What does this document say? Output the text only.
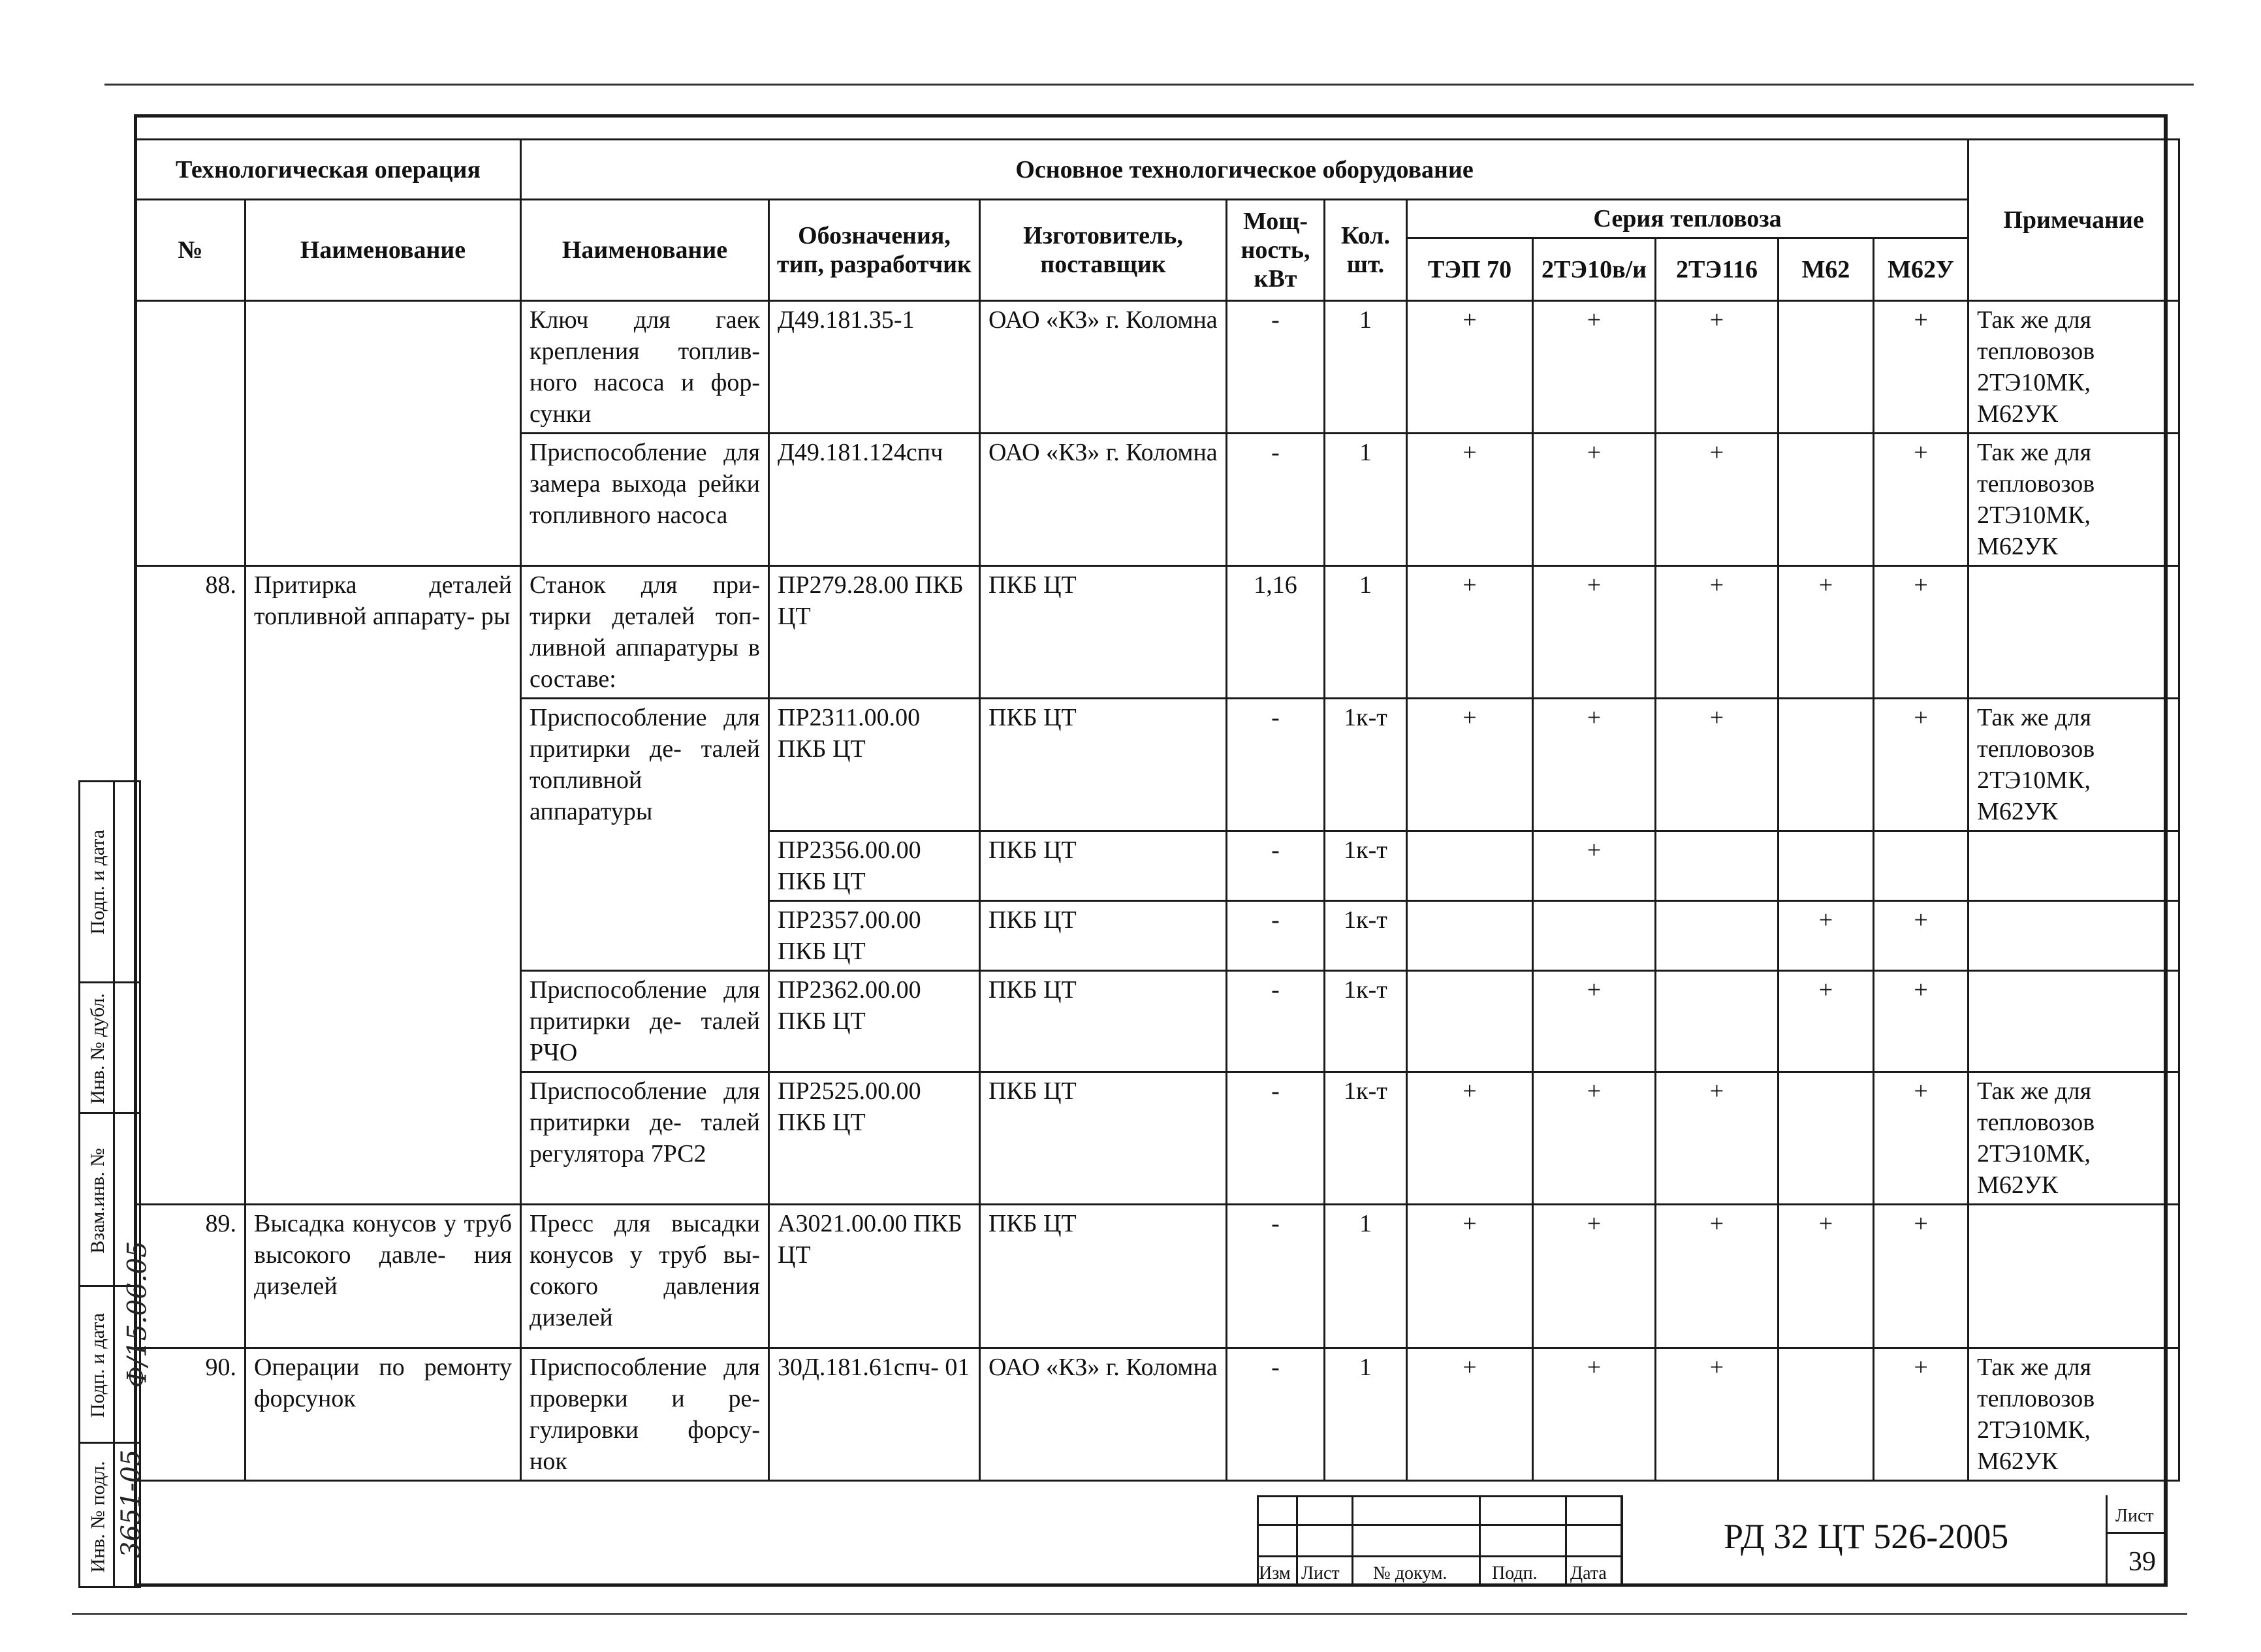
Технологическая операция		Основное технологическое оборудование										Примечание
№	Наименование	Наименование	Обозначения, тип, разработчик	Изготовитель, поставщик	Мощ- ность, кВт	Кол. шт.	Серия тепловоза					
							ТЭП 70	2ТЭ10в/и	2ТЭ116	М62	М62У	
		Ключ для гаек крепления топлив- ного насоса и фор- сунки	Д49.181.35-1	ОАО «КЗ» г. Коломна	-	1	+	+	+		+	Так же для тепловозов 2ТЭ10МК, М62УК
		Приспособление для замера выхода рейки топливного насоса	Д49.181.124спч	ОАО «КЗ» г. Коломна	-	1	+	+	+		+	Так же для тепловозов 2ТЭ10МК, М62УК
88.	Притирка деталей топливной аппарату- ры	Станок для при- тирки деталей топ- ливной аппаратуры в составе:	ПР279.28.00 ПКБ ЦТ	ПКБ ЦТ	1,16	1	+	+	+	+	+	
		Приспособление для притирки де- талей топливной аппаратуры	ПР2311.00.00 ПКБ ЦТ	ПКБ ЦТ	-	1к-т	+	+	+		+	Так же для тепловозов 2ТЭ10МК, М62УК
			ПР2356.00.00 ПКБ ЦТ	ПКБ ЦТ	-	1к-т		+				
			ПР2357.00.00 ПКБ ЦТ	ПКБ ЦТ	-	1к-т				+	+	
		Приспособление для притирки де- талей РЧО	ПР2362.00.00 ПКБ ЦТ	ПКБ ЦТ	-	1к-т		+		+	+	
		Приспособление для притирки де- талей регулятора 7РС2	ПР2525.00.00 ПКБ ЦТ	ПКБ ЦТ	-	1к-т	+	+	+		+	Так же для тепловозов 2ТЭ10МК, М62УК
89.	Высадка конусов у труб высокого давле- ния дизелей	Пресс для высадки конусов у труб вы- сокого давления дизелей	А3021.00.00 ПКБ ЦТ	ПКБ ЦТ	-	1	+	+	+	+	+	
90.	Операции по ремонту форсунок	Приспособление для проверки и ре- гулировки форсу- нок	30Д.181.61спч- 01	ОАО «КЗ» г. Коломна	-	1	+	+	+		+	Так же для тепловозов 2ТЭ10МК, М62УК
Подп. и дата
Инв. № дубл.
Взам.инв. №
Подп. и дата
Инв. № подл.
Ф/15.06.05
3651-05
Изм Лист № докум. Подп. Дата
РД 32 ЦТ 526-2005
Лист
39
